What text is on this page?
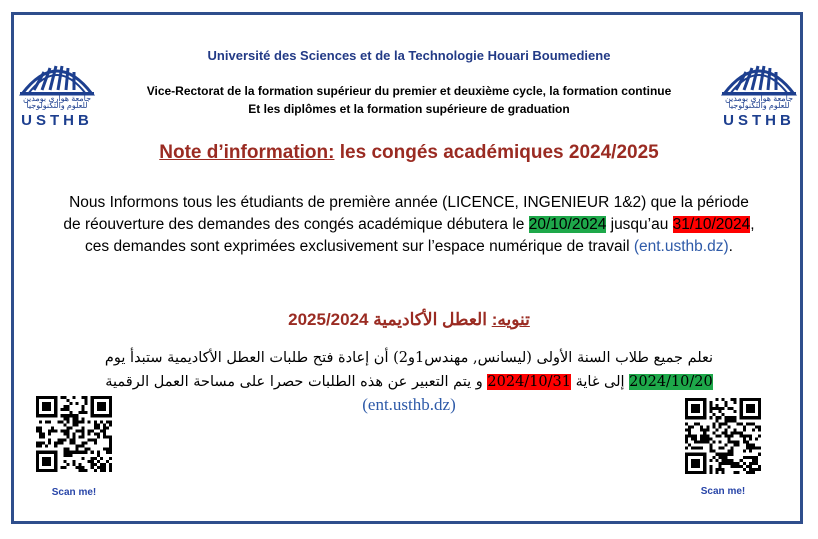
جامعة هواري بومدين للعلوم والتكنولوجيا
USTHB
جامعة هواري بومدين للعلوم والتكنولوجيا
USTHB
Université des Sciences et de la Technologie Houari Boumediene
Vice-Rectorat de la formation supérieur du premier et deuxième cycle, la formation continue
Et les diplômes et la formation supérieure de graduation
Note d’information: les congés académiques 2024/2025
Nous Informons tous les étudiants de première année (LICENCE, INGENIEUR 1&2) que la période de réouverture des demandes des congés académique débutera le 20/10/2024 jusqu’au 31/10/2024, ces demandes sont exprimées exclusivement sur l’espace numérique de travail (ent.usthb.dz).
تنويه: العطل الأكاديمية 2025/2024
نعلم جميع طلاب السنة الأولى (ليسانس, مهندس1و2) أن إعادة فتح طلبات العطل الأكاديمية ستبدأ يوم 2024/10/20 إلى غاية 2024/10/31 و يتم التعبير عن هذه الطلبات حصرا على مساحة العمل الرقمية
(ent.usthb.dz)
Scan me!	Scan me!
